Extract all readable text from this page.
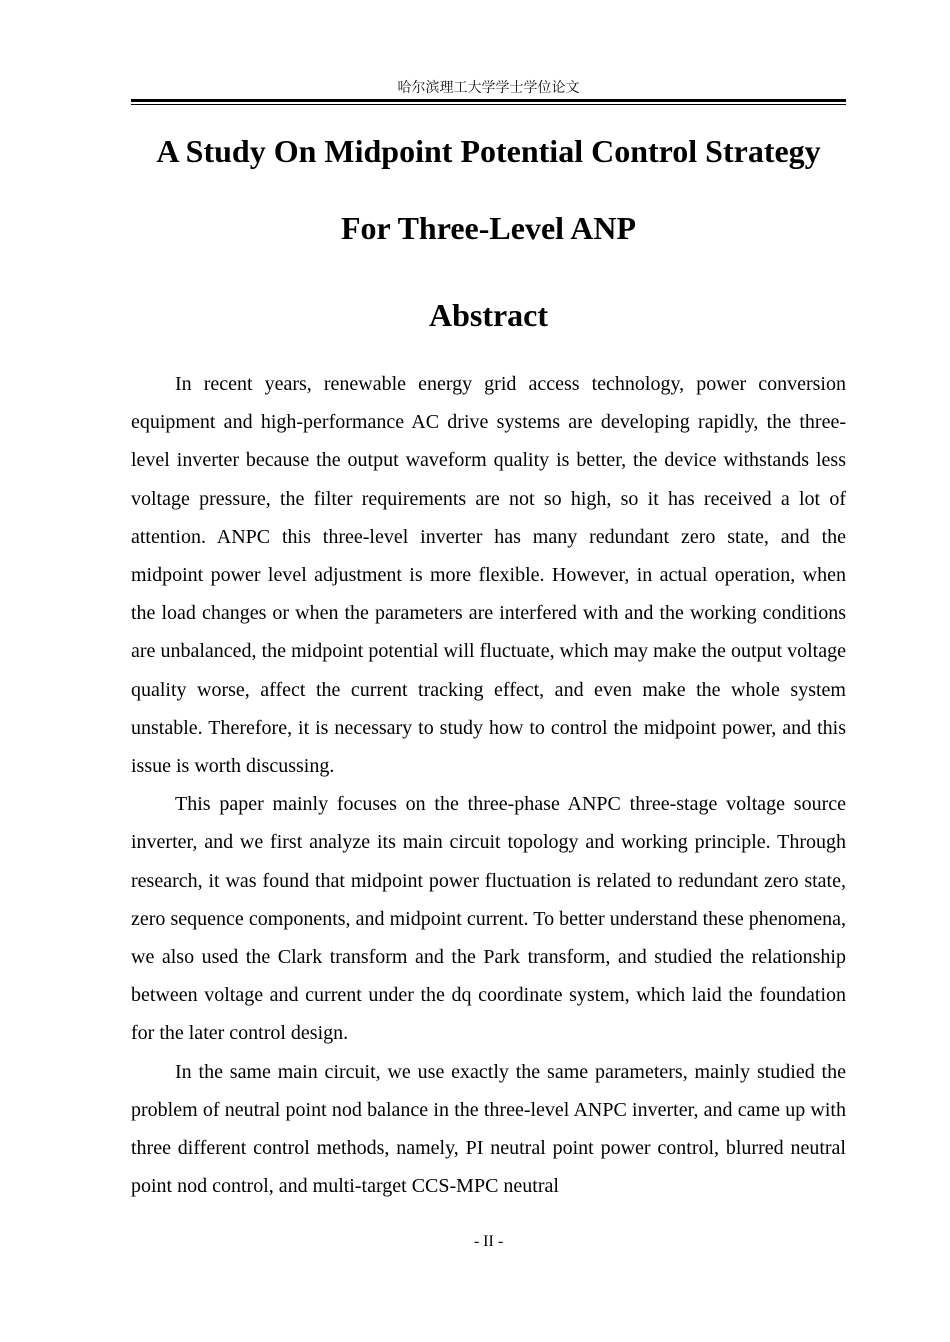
哈尔滨理工大学学士学位论文
A Study On Midpoint Potential Control Strategy
For Three-Level ANP
Abstract

In recent years, renewable energy grid access technology, power conversion equipment and high-performance AC drive systems are developing rapidly, the three-level inverter because the output waveform quality is better, the device withstands less voltage pressure, the filter requirements are not so high, so it has received a lot of attention. ANPC this three-level inverter has many redundant zero state, and the midpoint power level adjustment is more flexible. However, in actual operation, when the load changes or when the parameters are interfered with and the working conditions are unbalanced, the midpoint potential will fluctuate, which may make the output voltage quality worse, affect the current tracking effect, and even make the whole system unstable. Therefore, it is necessary to study how to control the midpoint power, and this issue is worth discussing.

This paper mainly focuses on the three-phase ANPC three-stage voltage source inverter, and we first analyze its main circuit topology and working principle. Through research, it was found that midpoint power fluctuation is related to redundant zero state, zero sequence components, and midpoint current. To better understand these phenomena, we also used the Clark transform and the Park transform, and studied the relationship between voltage and current under the dq coordinate system, which laid the foundation for the later control design.

In the same main circuit, we use exactly the same parameters, mainly studied the problem of neutral point nod balance in the three-level ANPC inverter, and came up with three different control methods, namely, PI neutral point power control, blurred neutral point nod control, and multi-target CCS-MPC neutral

- II -
